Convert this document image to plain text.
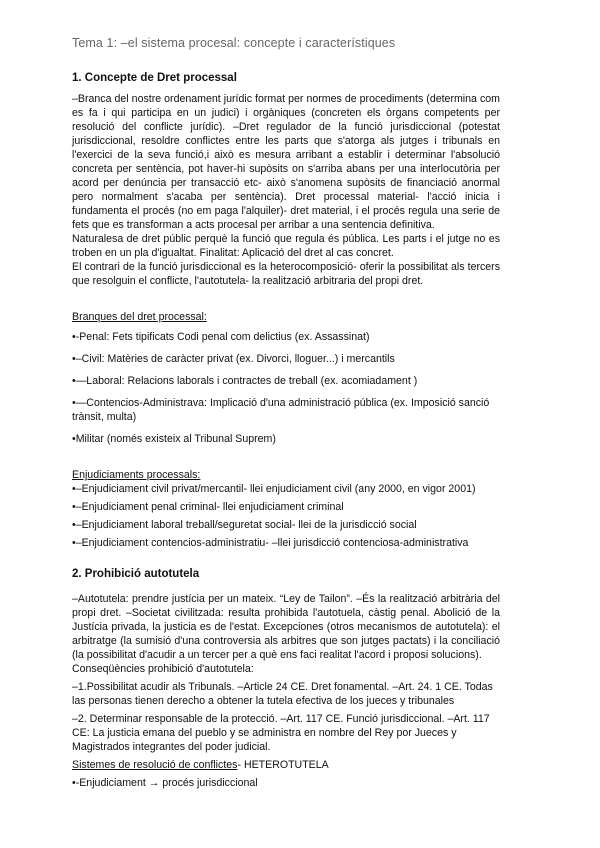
Tema 1: –el sistema procesal: concepte i característiques

1. Concepte de Dret processal

–Branca del nostre ordenament jurídic format per normes de procediments (determina com es fa i qui participa en un judici) i orgàniques (concreten els òrgans competents per resolució del conflicte jurídic). –Dret regulador de la funció jurisdiccional (potestat jurisdiccional, resoldre conflictes entre les parts que s'atorga als jutges i tribunals en l'exercici de la seva funció,i això es mesura arribant a establir i determinar l'absolució concreta per sentència, pot haver-hi supòsits on s'arriba abans per una interlocutòria per acord per denúncia per transacció etc- això s'anomena supòsits de financiació anormal pero normalment s'acaba per sentència). Dret processal material- l'acció inicia i fundamenta el procés (no em paga l'alquiler)- dret material, i el procés regula una serie de fets que es transforman a acts procesal per arribar a una sentencia definitiva.

Naturalesa de dret públic perquè la funció que regula és pública. Les parts i el jutge no es troben en un pla d'igualtat. Finalitat: Aplicació del dret al cas concret.

El contrari de la funció jurisdiccional es la heterocomposició- oferir la possibilitat als tercers que resolguin el conflicte, l'autotutela- la realització arbitraria del propi dret.

Branques del dret processal:

•-Penal: Fets tipificats Codi penal com delictius (ex. Assassinat)

•–Civil: Matèries de caràcter privat (ex. Divorci, lloguer...) i mercantils

•—Laboral: Relacions laborals i contractes de treball (ex. acomiadament )

•—Contencios-Administrava: Implicació d'una administració pública (ex. Imposició sanció trànsit, multa)

•Militar (només existeix al Tribunal Suprem)

Enjudiciaments processals:

•–Enjudiciament civil privat/mercantil- llei enjudiciament civil (any 2000, en vigor 2001)

•–Enjudiciament penal criminal- llei enjudiciament criminal

•–Enjudiciament laboral treball/seguretat social- llei de la jurisdicció social

•–Enjudiciament contencios-administratiu- –llei jurisdicció contenciosa-administrativa

2. Prohibició autotutela

–Autotutela: prendre justícia per un mateix. “Ley de Tailon”. –És la realització arbitrària del propi dret. –Societat civilitzada: resulta prohibida l'autotuela, càstig penal. Abolició de la Justícia privada, la justicia es de l'estat. Excepciones (otros mecanismos de autotutela): el arbitratge (la sumisió d'una controversia als arbitres que son jutges pactats) i la conciliació (la possibilitat d'acudir a un tercer per a què ens faci realitat l'acord i proposi solucions).

Conseqüències prohibició d'autotutela:

–1.Possibilitat acudir als Tribunals. –Article 24 CE. Dret fonamental. –Art. 24. 1 CE. Todas las personas tienen derecho a obtener la tutela efectiva de los jueces y tribunales

–2. Determinar responsable de la protecció. –Art. 117 CE. Funció jurisdiccional. –Art. 117 CE: La justicia emana del pueblo y se administra en nombre del Rey por Jueces y Magistrados integrantes del poder judicial.

Sistemes de resolució de conflictes- HETEROTUTELA

•-Enjudiciament → procés jurisdiccional
